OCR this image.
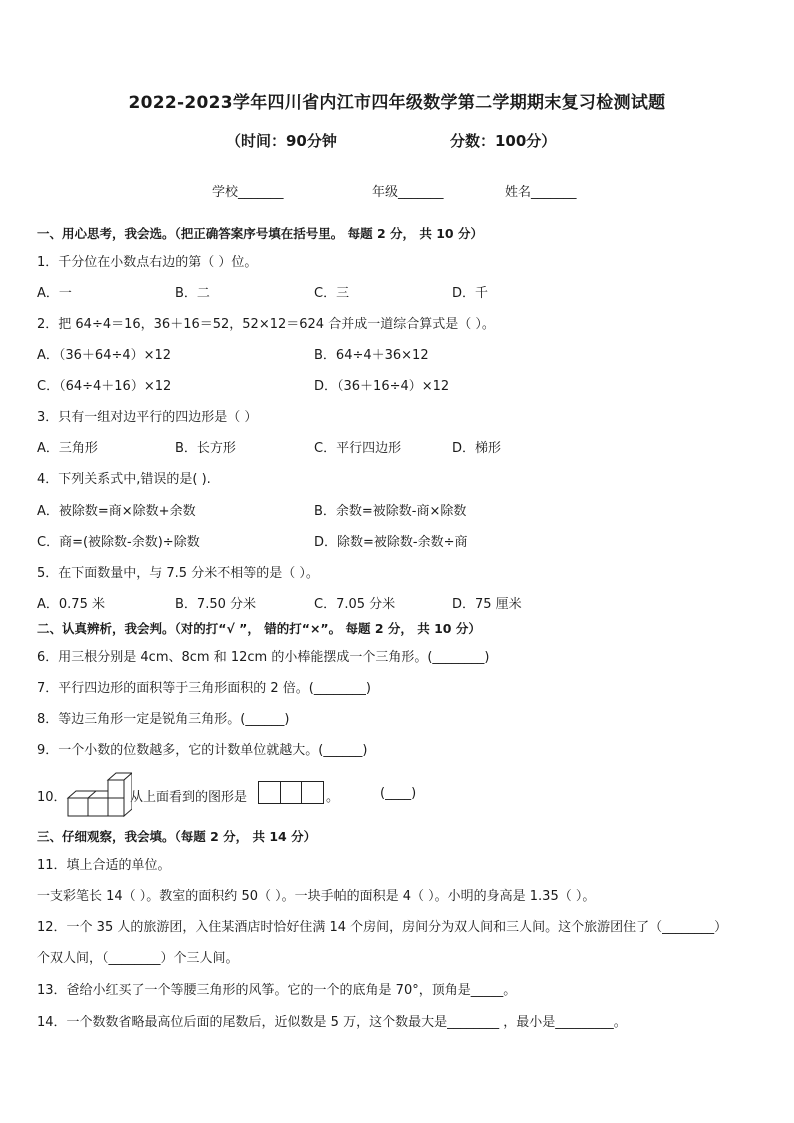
2022-2023学年四川省内江市四年级数学第二学期期末复习检测试题
（时间：90分钟	分数：100分）
学校_______	年级_______	姓名_______
一、用心思考，我会选。（把正确答案序号填在括号里。 每题 2 分， 共 10 分）
1．千分位在小数点右边的第（ ）位。
A．一	B．二	C．三	D．千
2．把 64÷4＝16，36＋16＝52，52×12＝624 合并成一道综合算式是（ ）。
A．（36＋64÷4）×12	B．64÷4＋36×12
C．（64÷4＋16）×12	D．（36＋16÷4）×12
3．只有一组对边平行的四边形是（ ）
A．三角形	B．长方形	C．平行四边形	D．梯形
4．下列关系式中,错误的是( ).
A．被除数=商×除数+余数	B．余数=被除数-商×除数
C．商=(被除数-余数)÷除数	D．除数=被除数-余数÷商
5．在下面数量中，与 7.5 分米不相等的是（ ）。
A．0.75 米	B．7.50 分米	C．7.05 分米	D．75 厘米
二、认真辨析，我会判。（对的打“√ ”， 错的打“×”。 每题 2 分， 共 10 分）
6．用三根分别是 4cm、8cm 和 12cm 的小棒能摆成一个三角形。(________)
7．平行四边形的面积等于三角形面积的 2 倍。(________)
8．等边三角形一定是锐角三角形。(______)
9．一个小数的位数越多，它的计数单位就越大。(______)
10．	从上面看到的图形是	。	(____)
三、仔细观察，我会填。（每题 2 分， 共 14 分）
11．填上合适的单位。
一支彩笔长 14（ ）。教室的面积约 50（ ）。一块手帕的面积是 4（ ）。小明的身高是 1.35（ ）。
12．一个 35 人的旅游团，入住某酒店时恰好住满 14 个房间，房间分为双人间和三人间。这个旅游团住了（________）
个双人间，（________）个三人间。
13．爸给小红买了一个等腰三角形的风筝。它的一个的底角是 70°，顶角是_____。
14．一个数数省略最高位后面的尾数后，近似数是 5 万，这个数最大是________ ，最小是_________。
